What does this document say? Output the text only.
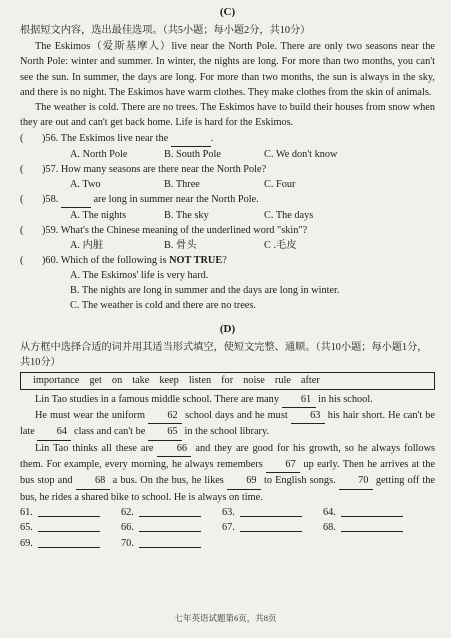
(C)
根据短文内容，选出最佳选项。（共5小题；每小题2分，共10分）

The Eskimos（爱斯基摩人）live near the North Pole. There are only two seasons near the North Pole: winter and summer. In winter, the nights are long. For more than two months, you can't see the sun. In summer, the days are long. For more than two months, the sun is always in the sky, and there is no night. The Eskimos have warm clothes. They make clothes from the skin of animals.

The weather is cold. There are no trees. The Eskimos have to build their houses from snow when they are out and can't get back home. Life is hard for the Eskimos.

(	)56. The Eskimos live near the	.
A. North Pole	B. South Pole	C. We don't know
(	)57. How many seasons are there near the North Pole?
A. Two	B. Three	C. Four
(	)58.	are long in summer near the North Pole.
A. The nights	B. The sky	C. The days
(	)59. What's the Chinese meaning of the underlined word "skin"?
A. 内脏	B. 骨头	C .毛皮
(	)60. Which of the following is NOT TRUE?
A. The Eskimos' life is very hard.
B. The nights are long in summer and the days are long in winter.
C. The weather is cold and there are no trees.
(D)
从方框中选择合适的词并用其适当形式填空，使短文完整、通顺。（共10小题；每小题1分，共10分）
importance get on take keep listen for noise rule after

Lin Tao studies in a famous middle school. There are many 61 in his school.

He must wear the uniform 62 school days and he must 63 his hair short. He can't be late 64 class and can't be 65 in the school library.

Lin Tao thinks all these are 66 and they are good for his growth, so he always follows them. For example, every morning, he always remembers 67 up early. Then he arrives at the bus stop and 68 a bus. On the bus, he likes 69 to English songs. 70 getting off the bus, he rides a shared bike to school. He is always on time.

61.	62.	63.	64.
65.	66.	67.	68.
69.	70.
七年英语试题第6页，共8页
